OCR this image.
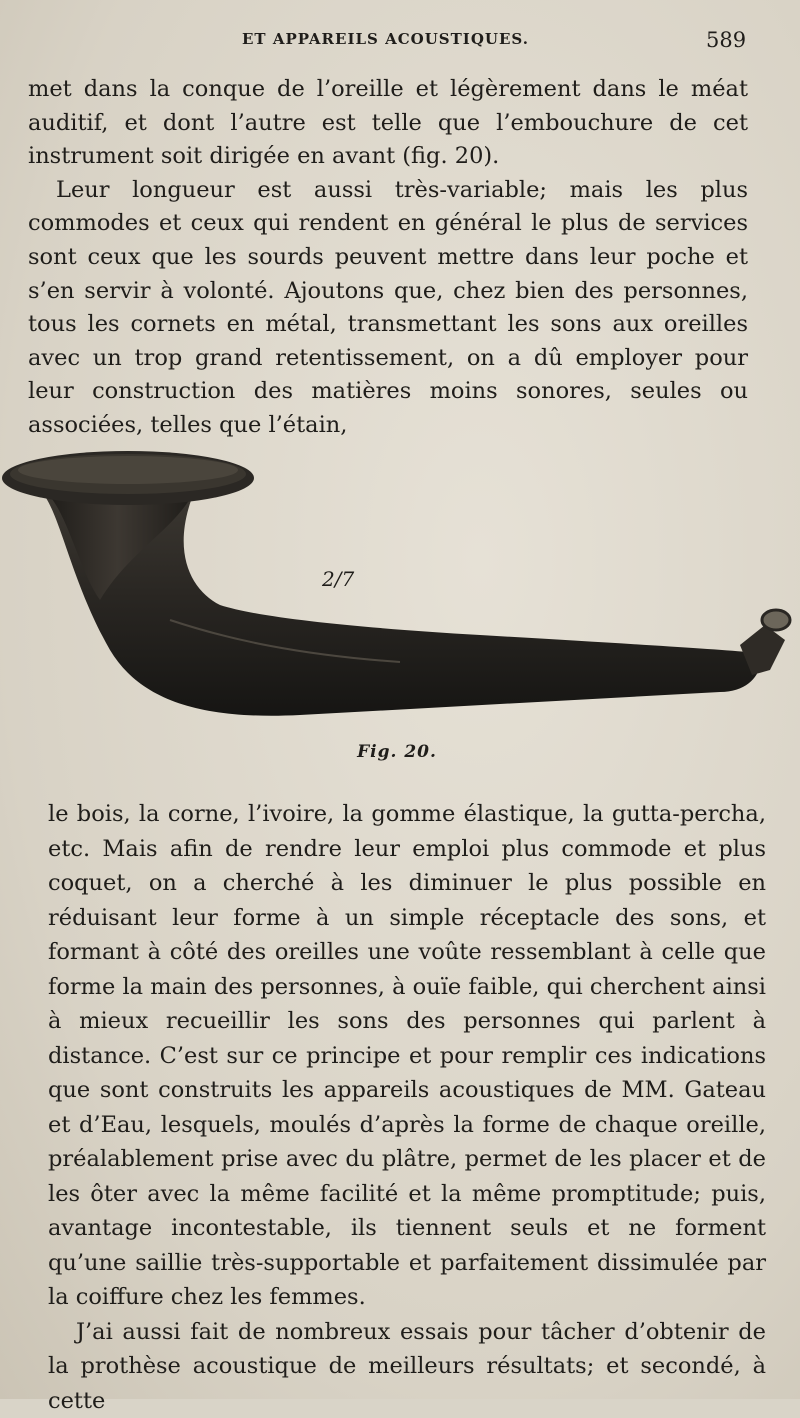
ET APPAREILS ACOUSTIQUES.	589

met dans la conque de l’oreille et légèrement dans le méat auditif, et dont l’autre est telle que l’embouchure de cet instrument soit dirigée en avant (fig. 20).

Leur longueur est aussi très-variable; mais les plus commodes et ceux qui rendent en général le plus de services sont ceux que les sourds peuvent mettre dans leur poche et s’en servir à volonté. Ajoutons que, chez bien des personnes, tous les cornets en métal, transmettant les sons aux oreilles avec un trop grand retentissement, on a dû employer pour leur construction des matières moins sonores, seules ou associées, telles que l’étain,

2/7
Fig. 20.

le bois, la corne, l’ivoire, la gomme élastique, la gutta-percha, etc. Mais afin de rendre leur emploi plus commode et plus coquet, on a cherché à les diminuer le plus possible en réduisant leur forme à un simple réceptacle des sons, et formant à côté des oreilles une voûte ressemblant à celle que forme la main des personnes, à ouïe faible, qui cherchent ainsi à mieux recueillir les sons des personnes qui parlent à distance. C’est sur ce principe et pour remplir ces indications que sont construits les appareils acoustiques de MM. Gateau et d’Eau, lesquels, moulés d’après la forme de chaque oreille, préalablement prise avec du plâtre, permet de les placer et de les ôter avec la même facilité et la même promptitude; puis, avantage incontestable, ils tiennent seuls et ne forment qu’une saillie très-supportable et parfaitement dissimulée par la coiffure chez les femmes.

J’ai aussi fait de nombreux essais pour tâcher d’obtenir de la prothèse acoustique de meilleurs résultats; et secondé, à cette
